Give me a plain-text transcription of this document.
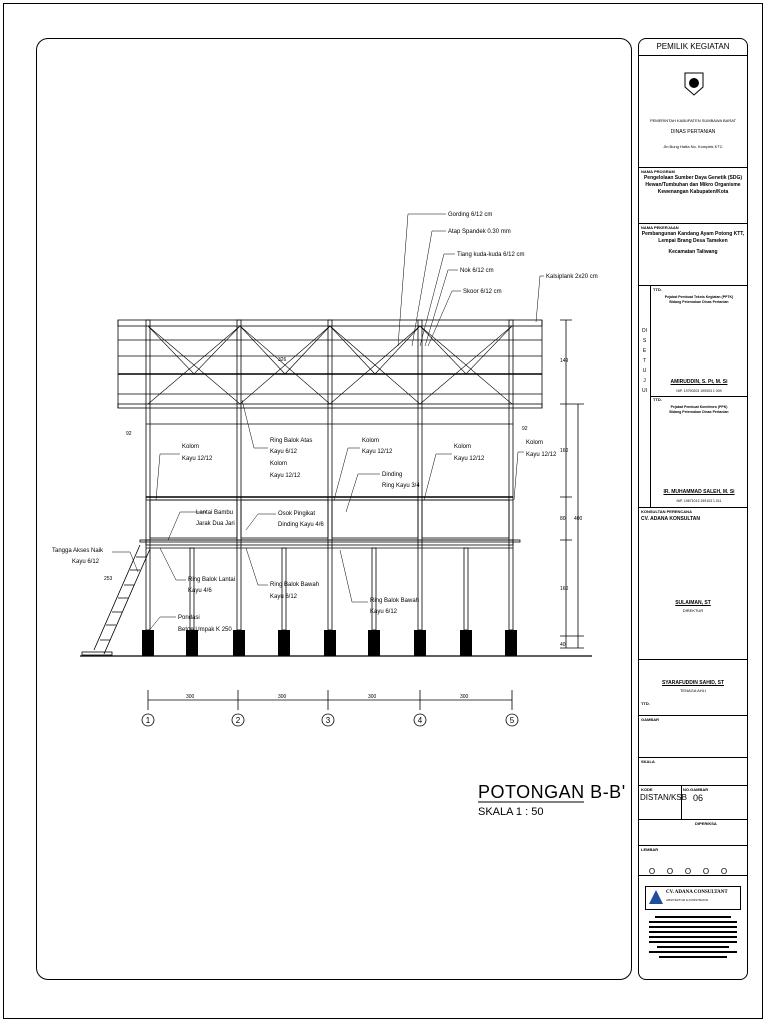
1	2	3	4	5
Gording 6/12 cm
Atap Spandek 0.30 mm
Tiang kuda-kuda 6/12 cm
Nok 6/12 cm
Skoor 6/12 cm
Kalsiplank 2x20 cm
Kolom
Kayu 12/12
Ring Balok Atas
Kayu 6/12
Kolom
Kayu 12/12
Kolom
Kayu 12/12
Dinding
Ring Kayu 3/4
Kolom
Kayu 12/12
Kolom
Kayu 12/12
Lantai Bambu
Jarak Dua Jari
Osok Pingikat
Dinding Kayu 4/6
Tangga Akses Naik
Kayu 6/12
Ring Balok Lantai
Kayu 4/6
Ring Balok Bawah
Kayu 6/12
Ring Balok Bawah
Kayu 6/12
Pondasi
Beton Umpak K 250
326
92
92
149
160
80
160
40
400
253
300	300	300	300
POTONGAN B-B'
SKALA 1 : 50
PEMILIK KEGIATAN
PEMERINTAH KABUPATEN SUMBAWA BARAT
DINAS PERTANIAN
Jln.Bung Hatta No. Komplek KTC
NAMA PROGRAM
Pengelolaan Sumber Daya Genetik (SDG)
Hewan/Tumbuhan dan Mikro Organisme
Kewenangan Kabupaten/Kota
NAMA PEKERJAAN
Pembangunan Kandang Ayam Potong KTT,
Lempai Brang Desa Tameken
Kecamatan Taliwang
DISETUJUI
TTD.
Pejabat Pembuat Teknis Kegiatan (PPTK)
Bidang Peternakan Dinas Pertanian
AMIRUDDIN, S. Pt, M. Si
NIP. 19790203 199303 1 009
TTD.
Pejabat Pembuat Komitmen (PPK)
Bidang Peternakan Dinas Pertanian
IR. MUHAMMAD SALEH, M. Si
NIP. 19671013 199103 1 011
KONSULTAN PERENCANA
CV. ADANA KONSULTAN
SULAIMAN, ST
DIREKTUR
SYARAFUDDIN SAHID, ST
TENAGA AHLI
TTD.
GAMBAR
SKALA
KODE
DISTAN/KSB
NO.GAMBAR
06
DIPERIKSA
LEMBAR
O O O O O
CV. ADANA CONSULTANT
ARSITEKTUR & KONSTRUKSI
